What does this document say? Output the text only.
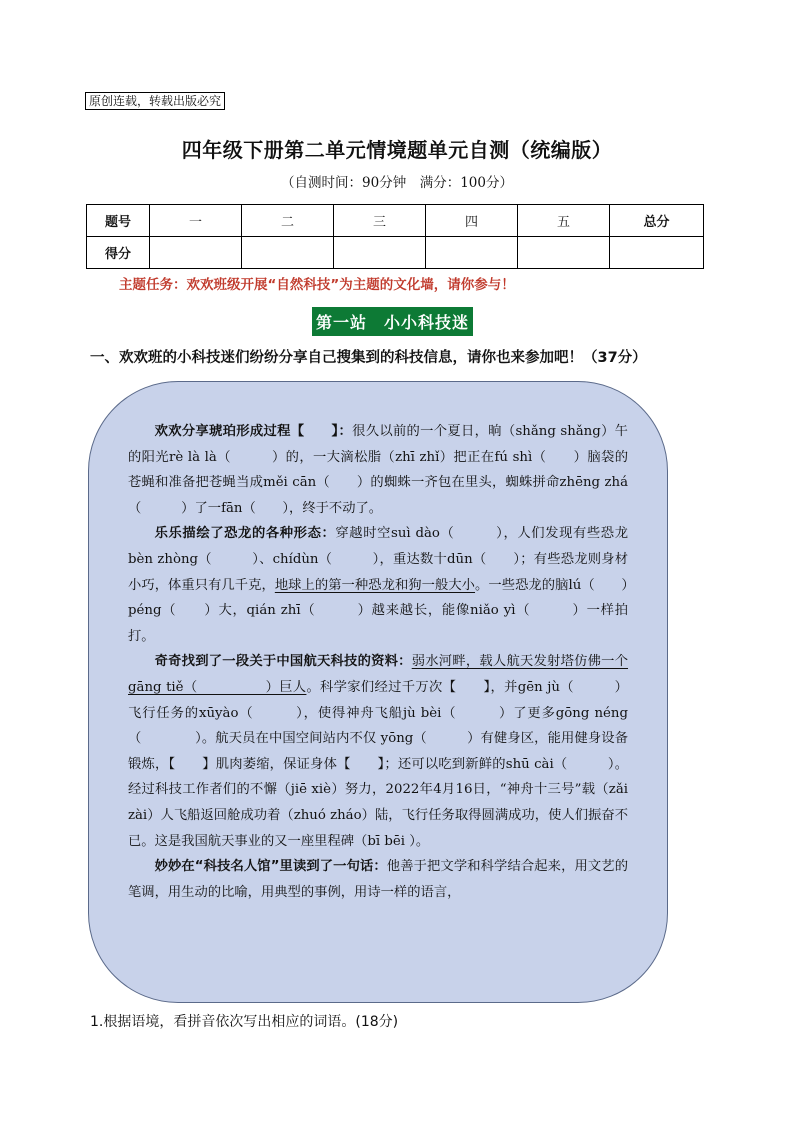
原创连载，转载出版必究
四年级下册第二单元情境题单元自测（统编版）
（自测时间：90分钟　满分：100分）
题号	一	二	三	四	五	总分
得分						
主题任务：欢欢班级开展“自然科技”为主题的文化墙，请你参与！
第一站　小小科技迷
一、欢欢班的小科技迷们纷纷分享自己搜集到的科技信息，请你也来参加吧！（37分）

欢欢分享琥珀形成过程【　　】：很久以前的一个夏日，晌（shǎng shǎng）午的阳光rè là là（　　　）的，一大滴松脂（zhī zhǐ）把正在fú shì（　　）脑袋的苍蝇和准备把苍蝇当成měi cān（　　）的蜘蛛一齐包在里头，蜘蛛拼命zhēng zhá（　　　）了一fān（　　），终于不动了。

乐乐描绘了恐龙的各种形态：穿越时空suì dào（　　　），人们发现有些恐龙bèn zhòng（　　　）、chídùn（　　　），重达数十dūn（　　）；有些恐龙则身材小巧，体重只有几千克，地球上的第一种恐龙和狗一般大小。一些恐龙的脑lú（　　）péng（　　）大，qián zhī（　　　）越来越长，能像niǎo yì（　　　）一样拍打。

奇奇找到了一段关于中国航天科技的资料：弱水河畔，载人航天发射塔仿佛一个gāng tiě（　　　　　）巨人。科学家们经过千万次【　　】，并gēn jù（　　　）飞行任务的xūyào（　　　），使得神舟飞船jù bèi（　　　）了更多gōng néng（　　　　）。航天员在中国空间站内不仅 yōng（　　　）有健身区，能用健身设备锻炼，【　　】肌肉萎缩，保证身体【　　】；还可以吃到新鲜的shū cài（　　　）。经过科技工作者们的不懈（jiē xiè）努力，2022年4月16日，“神舟十三号”载（zǎi zài）人飞船返回舱成功着（zhuó zháo）陆，飞行任务取得圆满成功，使人们振奋不已。这是我国航天事业的又一座里程碑（bī bēi ）。

妙妙在“科技名人馆”里读到了一句话：他善于把文学和科学结合起来，用文艺的笔调，用生动的比喻，用典型的事例，用诗一样的语言，

1.根据语境，看拼音依次写出相应的词语。(18分)
